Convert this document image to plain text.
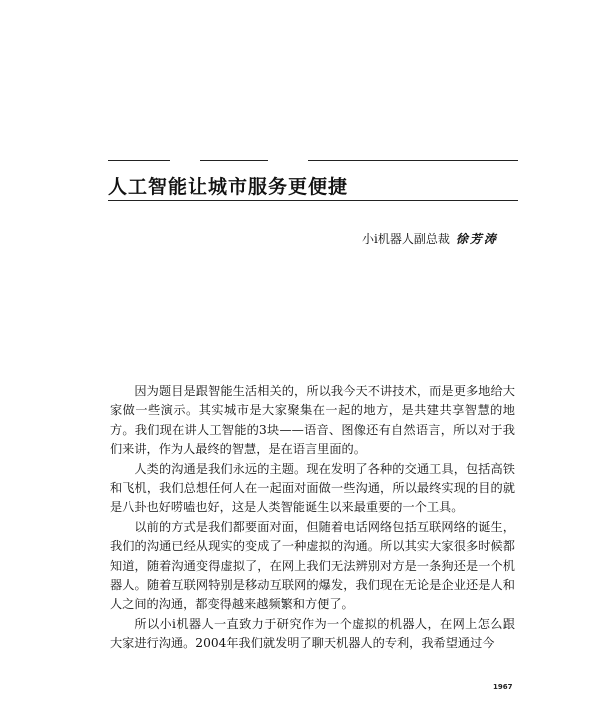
人工智能让城市服务更便捷
小i机器人副总裁 徐芳涛

因为题目是跟智能生活相关的，所以我今天不讲技术，而是更多地给大家做一些演示。其实城市是大家聚集在一起的地方，是共建共享智慧的地方。我们现在讲人工智能的3块——语音、图像还有自然语言，所以对于我们来讲，作为人最终的智慧，是在语言里面的。

人类的沟通是我们永远的主题。现在发明了各种的交通工具，包括高铁和飞机，我们总想任何人在一起面对面做一些沟通，所以最终实现的目的就是八卦也好唠嗑也好，这是人类智能诞生以来最重要的一个工具。

以前的方式是我们都要面对面，但随着电话网络包括互联网络的诞生，我们的沟通已经从现实的变成了一种虚拟的沟通。所以其实大家很多时候都知道，随着沟通变得虚拟了，在网上我们无法辨别对方是一条狗还是一个机器人。随着互联网特别是移动互联网的爆发，我们现在无论是企业还是人和人之间的沟通，都变得越来越频繁和方便了。

所以小i机器人一直致力于研究作为一个虚拟的机器人，在网上怎么跟大家进行沟通。2004年我们就发明了聊天机器人的专利，我希望通过今

1967
